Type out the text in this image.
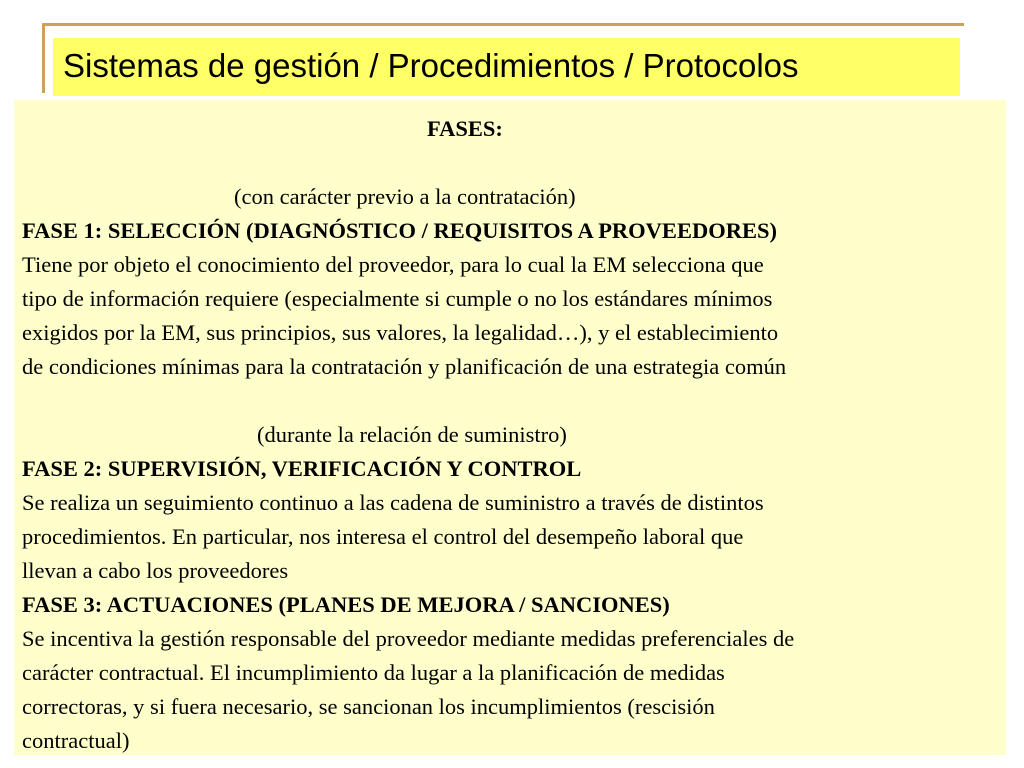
Sistemas de gestión / Procedimientos / Protocolos
FASES:
(con carácter previo a la contratación)
FASE 1: SELECCIÓN (DIAGNÓSTICO / REQUISITOS A PROVEEDORES)
Tiene por objeto el conocimiento del proveedor, para lo cual la EM selecciona que
tipo de información requiere (especialmente si cumple o no los estándares mínimos
exigidos por la EM, sus principios, sus valores, la legalidad…), y el establecimiento
de condiciones mínimas para la contratación y planificación de una estrategia común
(durante la relación de suministro)
FASE 2: SUPERVISIÓN, VERIFICACIÓN Y CONTROL
Se realiza un seguimiento continuo a las cadena de suministro a través de distintos
procedimientos. En particular, nos interesa el control del desempeño laboral que
llevan a cabo los proveedores
FASE 3: ACTUACIONES (PLANES DE MEJORA / SANCIONES)
Se incentiva la gestión responsable del proveedor mediante medidas preferenciales de
carácter contractual. El incumplimiento da lugar a la planificación de medidas
correctoras, y si fuera necesario, se sancionan los incumplimientos (rescisión
contractual)
